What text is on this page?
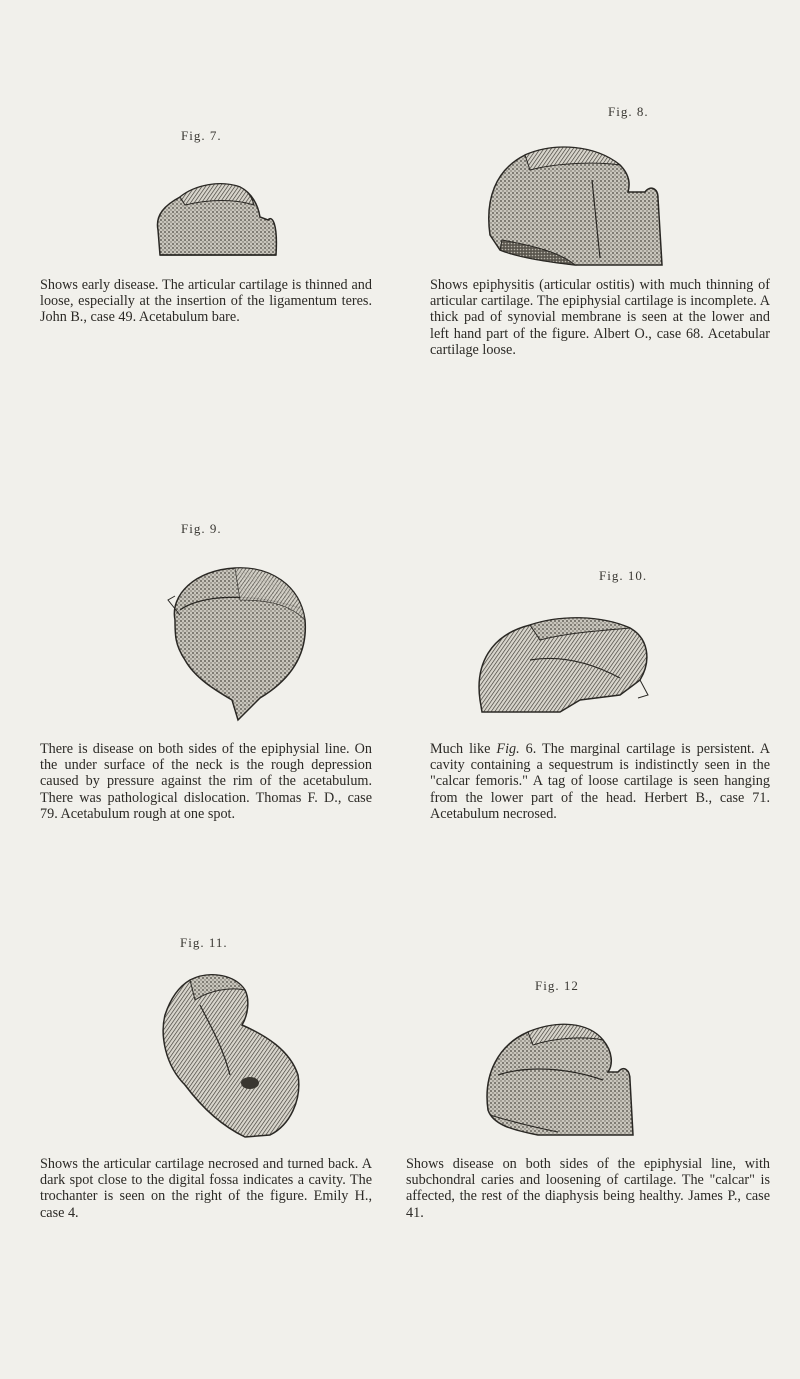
Fig. 7.

Shows early disease. The articular cartilage is thinned and loose, especially at the insertion of the ligamentum teres. John B., case 49. Acetabulum bare.

Fig. 8.

Shows epiphysitis (articular ostitis) with much thinning of articular cartilage. The epiphysial cartilage is incomplete. A thick pad of synovial membrane is seen at the lower and left hand part of the figure. Albert O., case 68. Acetabular cartilage loose.

Fig. 9.

There is disease on both sides of the epiphysial line. On the under surface of the neck is the rough depression caused by pressure against the rim of the acetabulum. There was pathological dislocation. Thomas F. D., case 79. Acetabulum rough at one spot.

Fig. 10.

Much like Fig. 6. The marginal cartilage is persistent. A cavity containing a sequestrum is indistinctly seen in the "calcar femoris." A tag of loose cartilage is seen hanging from the lower part of the head. Herbert B., case 71. Acetabulum necrosed.

Fig. 11.

Shows the articular cartilage necrosed and turned back. A dark spot close to the digital fossa indicates a cavity. The trochanter is seen on the right of the figure. Emily H., case 4.

Fig. 12

Shows disease on both sides of the epiphysial line, with subchondral caries and loosening of cartilage. The "calcar" is affected, the rest of the diaphysis being healthy. James P., case 41.
